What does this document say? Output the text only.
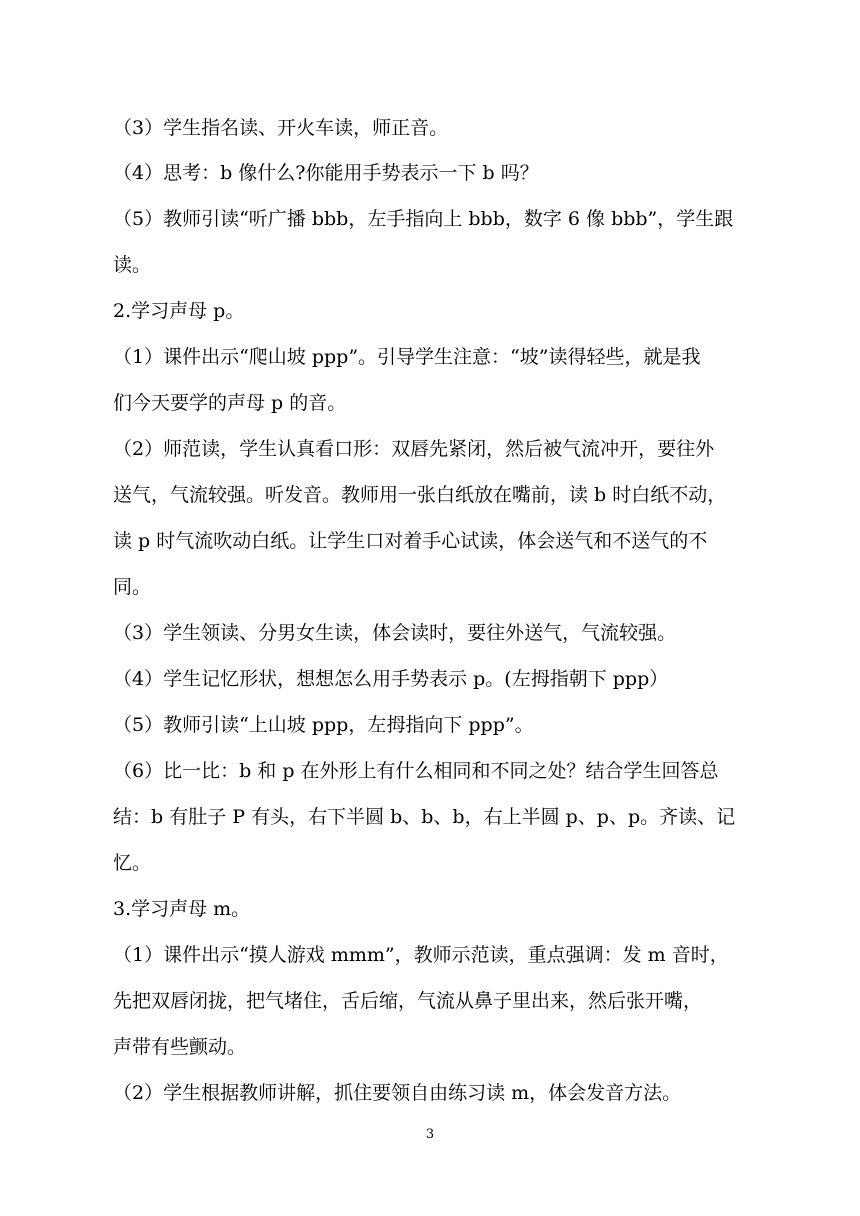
（3）学生指名读、开火车读，师正音。
（4）思考：b 像什么?你能用手势表示一下 b 吗？
（5）教师引读“听广播 bbb，左手指向上 bbb，数字 6 像 bbb”，学生跟
读。
2.学习声母 p。
（1）课件出示“爬山坡 ppp”。引导学生注意：“坡”读得轻些，就是我
们今天要学的声母 p 的音。
（2）师范读，学生认真看口形：双唇先紧闭，然后被气流冲开，要往外
送气，气流较强。听发音。教师用一张白纸放在嘴前，读 b 时白纸不动，
读 p 时气流吹动白纸。让学生口对着手心试读，体会送气和不送气的不
同。
（3）学生领读、分男女生读，体会读时，要往外送气，气流较强。
（4）学生记忆形状，想想怎么用手势表示 p。(左拇指朝下 ppp）
（5）教师引读“上山坡 ppp，左拇指向下 ppp”。
（6）比一比：b 和 p 在外形上有什么相同和不同之处？结合学生回答总
结：b 有肚子 P 有头，右下半圆 b、b、b，右上半圆 p、p、p。齐读、记
忆。
3.学习声母 m。
（1）课件出示“摸人游戏 mmm”，教师示范读，重点强调：发 m 音时，
先把双唇闭拢，把气堵住，舌后缩，气流从鼻子里出来，然后张开嘴，
声带有些颤动。
（2）学生根据教师讲解，抓住要领自由练习读 m，体会发音方法。
3
